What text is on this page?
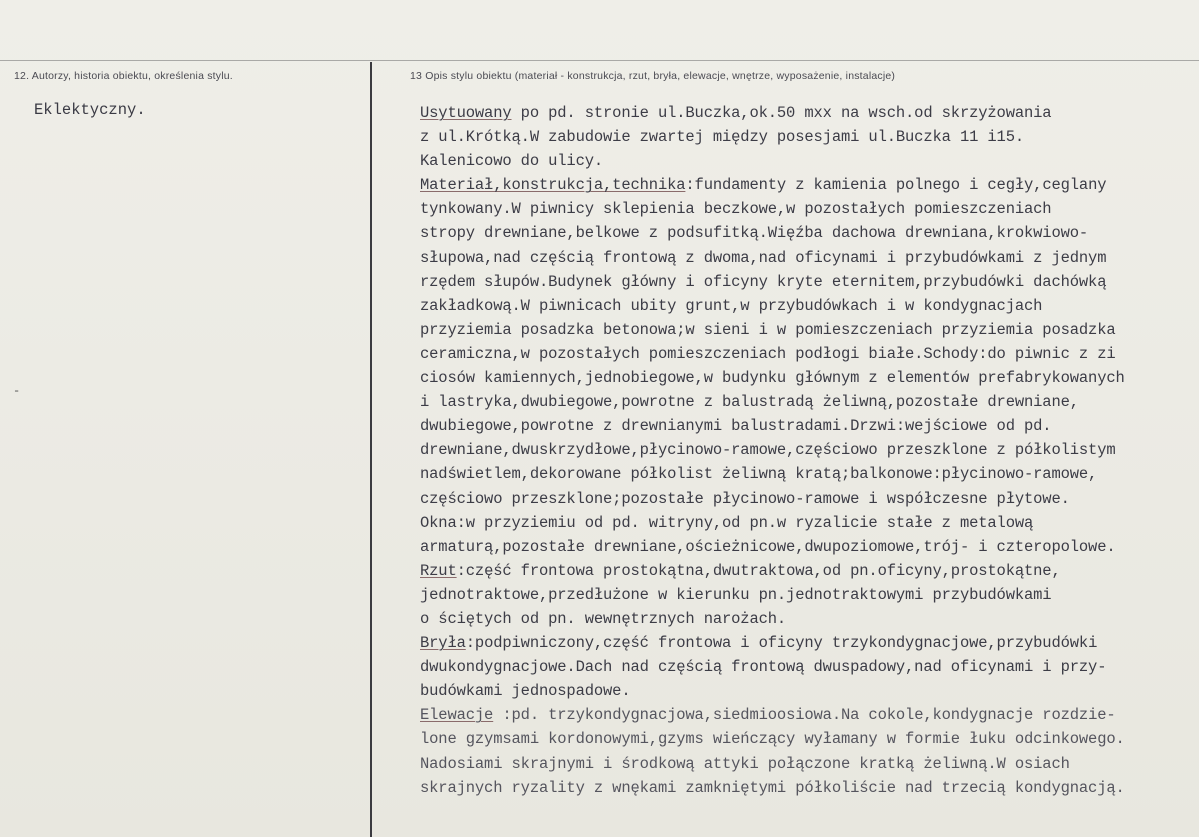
12. Autorzy, historia obiektu, określenia stylu.	13 Opis stylu obiektu (materiał - konstrukcja, rzut, bryła, elewacje, wnętrze, wyposażenie, instalacje)
Eklektyczny.
-
Usytuowany po pd. stronie ul.Buczka,ok.50 mxx na wsch.od skrzyżowania
z ul.Krótką.W zabudowie zwartej między posesjami ul.Buczka 11 i15.
Kalenicowo do ulicy.
Materiał,konstrukcja,technika:fundamenty z kamienia polnego i cegły,ceglany
tynkowany.W piwnicy sklepienia beczkowe,w pozostałych pomieszczeniach
stropy drewniane,belkowe z podsufitką.Więźba dachowa drewniana,krokwiowo-
słupowa,nad częścią frontową z dwoma,nad oficynami i przybudówkami z jednym
rzędem słupów.Budynek główny i oficyny kryte eternitem,przybudówki dachówką
zakładkową.W piwnicach ubity grunt,w przybudówkach i w kondygnacjach
przyziemia posadzka betonowa;w sieni i w pomieszczeniach przyziemia posadzka
ceramiczna,w pozostałych pomieszczeniach podłogi białe.Schody:do piwnic z zi
ciosów kamiennych,jednobiegowe,w budynku głównym z elementów prefabrykowanych
i lastryka,dwubiegowe,powrotne z balustradą żeliwną,pozostałe drewniane,
dwubiegowe,powrotne z drewnianymi balustradami.Drzwi:wejściowe od pd.
drewniane,dwuskrzydłowe,płycinowo-ramowe,częściowo przeszklone z półkolistym
nadświetlem,dekorowane półkolist żeliwną kratą;balkonowe:płycinowo-ramowe,
częściowo przeszklone;pozostałe płycinowo-ramowe i współczesne płytowe.
Okna:w przyziemiu od pd. witryny,od pn.w ryzalicie stałe z metalową
armaturą,pozostałe drewniane,ościeżnicowe,dwupoziomowe,trój- i czteropolowe.
Rzut:część frontowa prostokątna,dwutraktowa,od pn.oficyny,prostokątne,
jednotraktowe,przedłużone w kierunku pn.jednotraktowymi przybudówkami
o ściętych od pn. wewnętrznych narożach.
Bryła:podpiwniczony,część frontowa i oficyny trzykondygnacjowe,przybudówki
dwukondygnacjowe.Dach nad częścią frontową dwuspadowy,nad oficynami i przy-
budówkami jednospadowe.
Elewacje :pd. trzykondygnacjowa,siedmioosiowa.Na cokole,kondygnacje rozdzie-
lone gzymsami kordonowymi,gzyms wieńczący wyłamany w formie łuku odcinkowego.
Nadosiami skrajnymi i środkową attyki połączone kratką żeliwną.W osiach
skrajnych ryzality z wnękami zamkniętymi półkoliście nad trzecią kondygnacją.
